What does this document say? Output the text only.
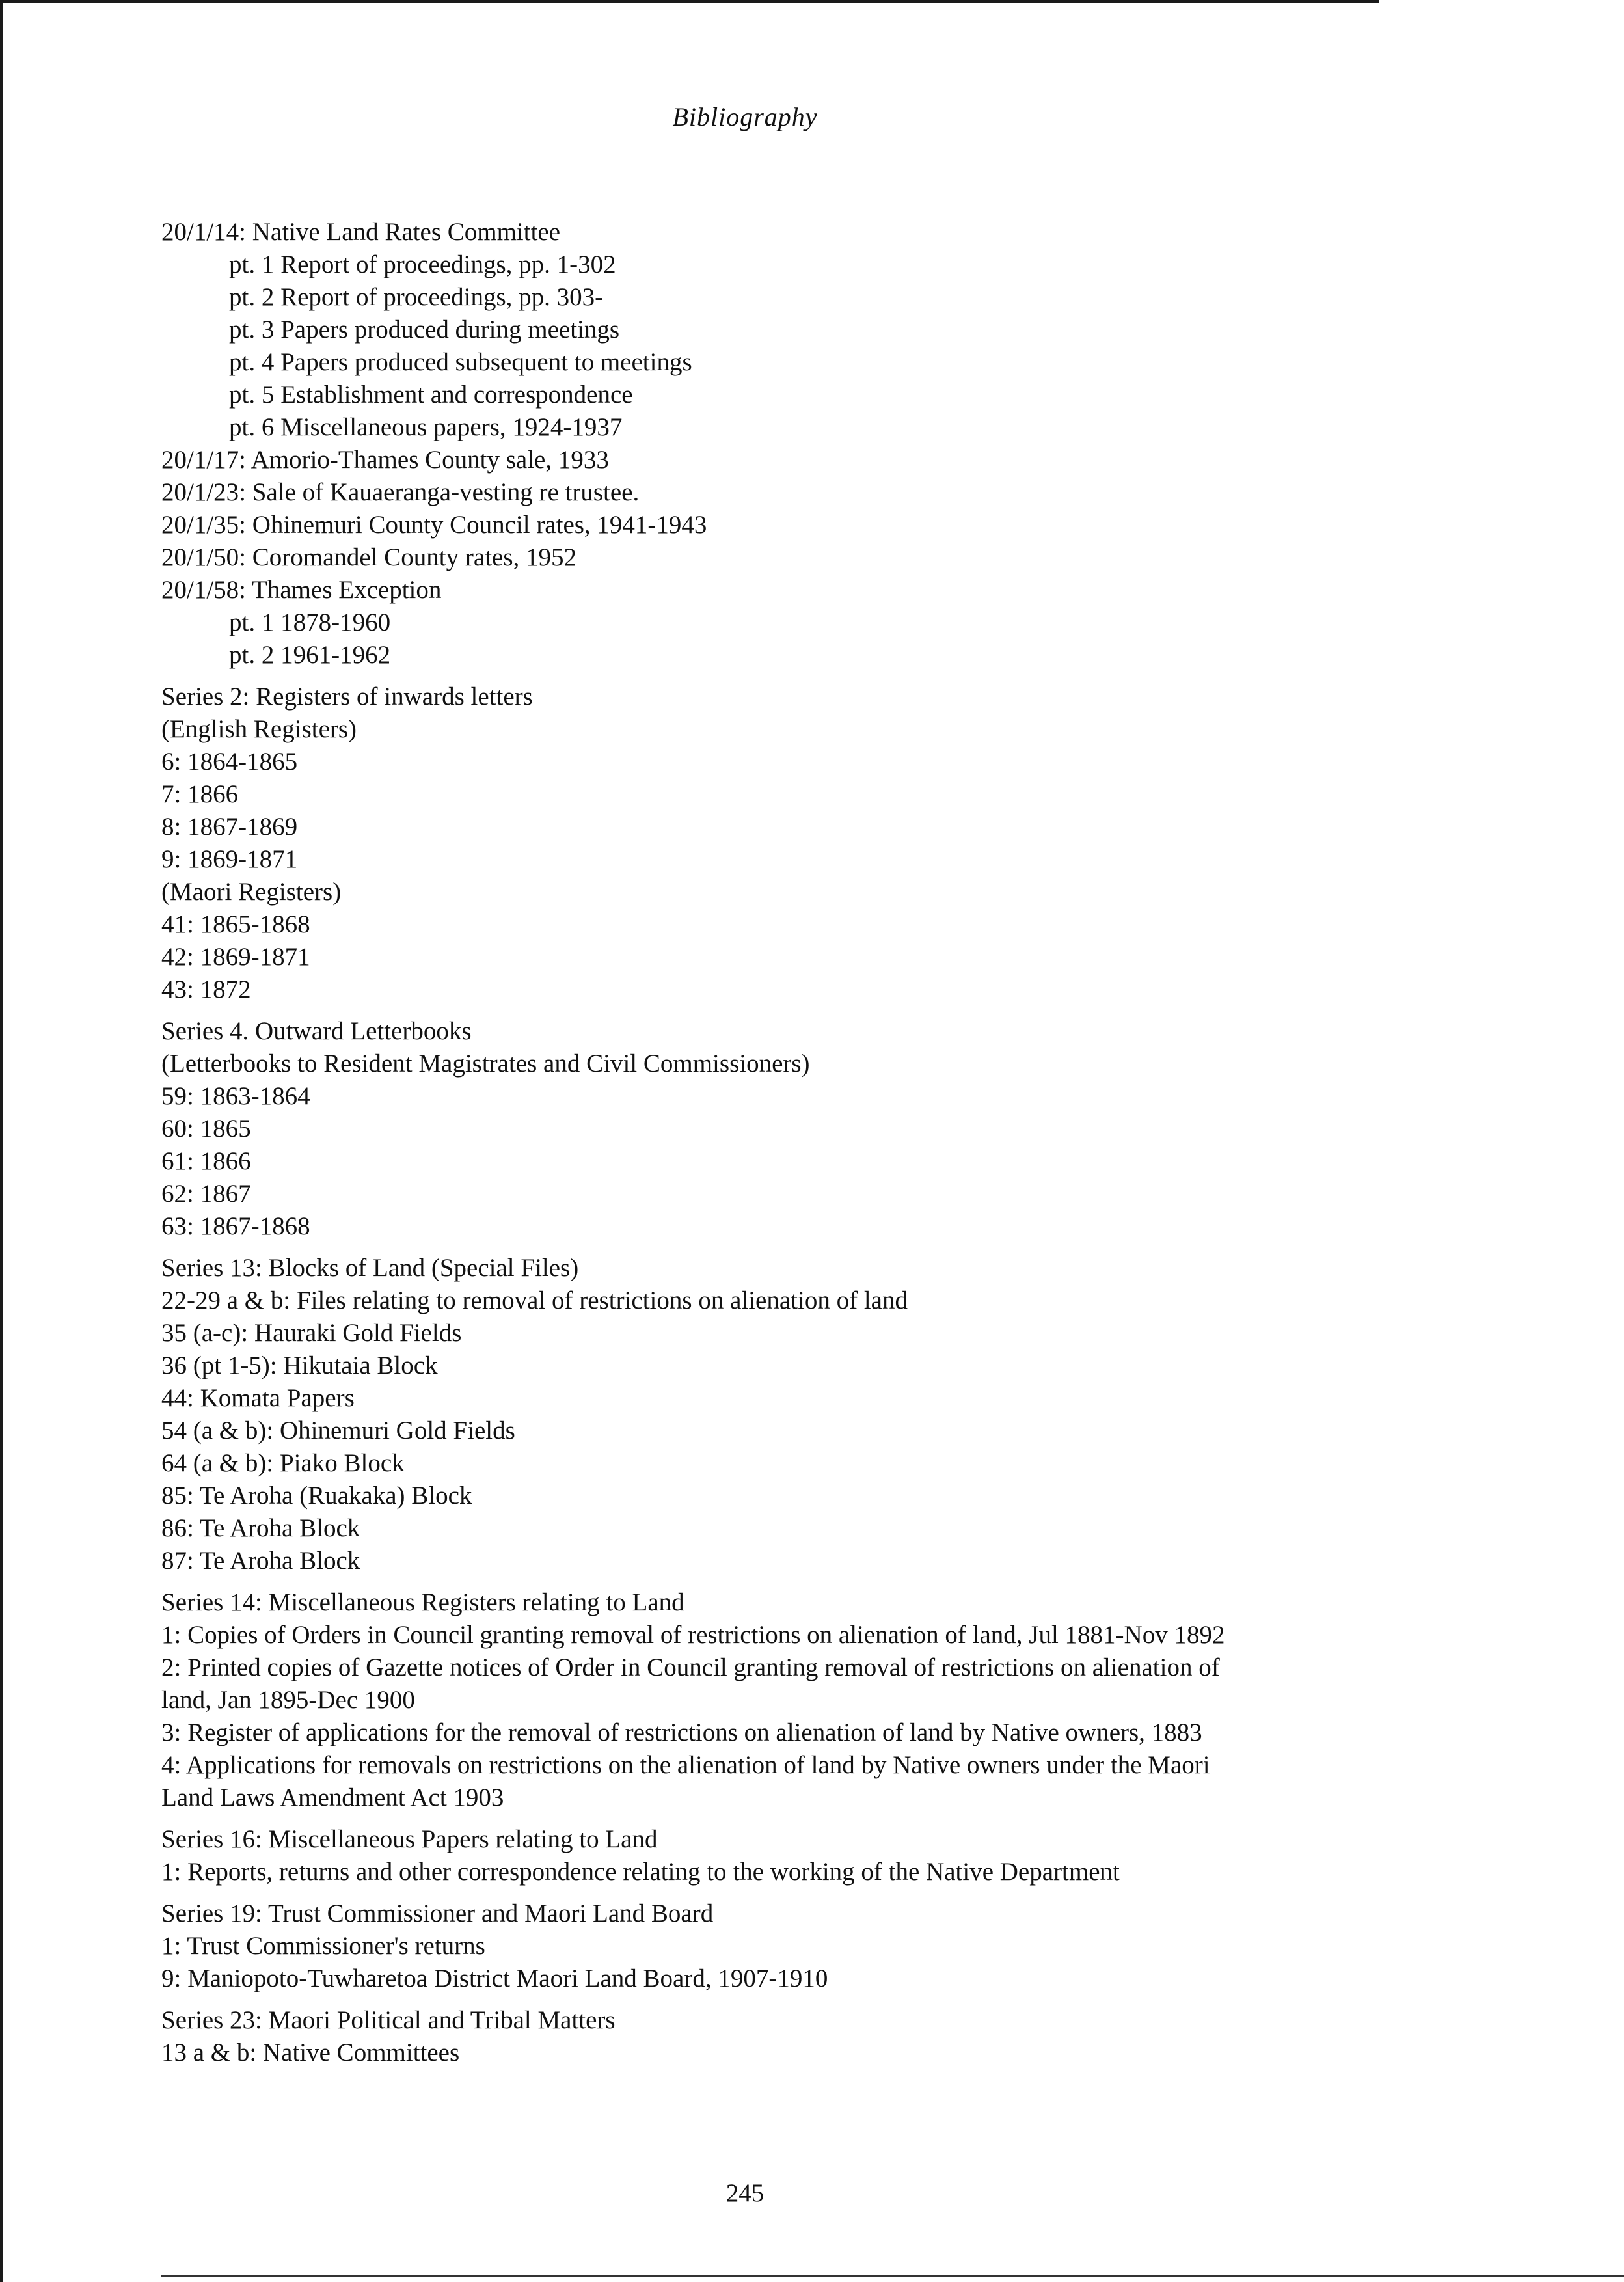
Bibliography
20/1/14: Native Land Rates Committee
pt. 1 Report of proceedings, pp. 1-302
pt. 2 Report of proceedings, pp. 303-
pt. 3 Papers produced during meetings
pt. 4 Papers produced subsequent to meetings
pt. 5 Establishment and correspondence
pt. 6 Miscellaneous papers, 1924-1937
20/1/17: Amorio-Thames County sale, 1933
20/1/23: Sale of Kauaeranga-vesting re trustee.
20/1/35: Ohinemuri County Council rates, 1941-1943
20/1/50: Coromandel County rates, 1952
20/1/58: Thames Exception
pt. 1 1878-1960
pt. 2 1961-1962
Series 2: Registers of inwards letters
(English Registers)
6: 1864-1865
7: 1866
8: 1867-1869
9: 1869-1871
(Maori Registers)
41: 1865-1868
42: 1869-1871
43: 1872
Series 4. Outward Letterbooks
(Letterbooks to Resident Magistrates and Civil Commissioners)
59: 1863-1864
60: 1865
61: 1866
62: 1867
63: 1867-1868
Series 13: Blocks of Land (Special Files)
22-29 a & b: Files relating to removal of restrictions on alienation of land
35 (a-c): Hauraki Gold Fields
36 (pt 1-5): Hikutaia Block
44: Komata Papers
54 (a & b): Ohinemuri Gold Fields
64 (a & b): Piako Block
85: Te Aroha (Ruakaka) Block
86: Te Aroha Block
87: Te Aroha Block
Series 14: Miscellaneous Registers relating to Land
1: Copies of Orders in Council granting removal of restrictions on alienation of land, Jul 1881-Nov 1892
2: Printed copies of Gazette notices of Order in Council granting removal of restrictions on alienation of
land, Jan 1895-Dec 1900
3: Register of applications for the removal of restrictions on alienation of land by Native owners, 1883
4: Applications for removals on restrictions on the alienation of land by Native owners under the Maori
Land Laws Amendment Act 1903
Series 16: Miscellaneous Papers relating to Land
1: Reports, returns and other correspondence relating to the working of the Native Department
Series 19: Trust Commissioner and Maori Land Board
1: Trust Commissioner's returns
9: Maniopoto-Tuwharetoa District Maori Land Board, 1907-1910
Series 23: Maori Political and Tribal Matters
13 a & b: Native Committees
245
